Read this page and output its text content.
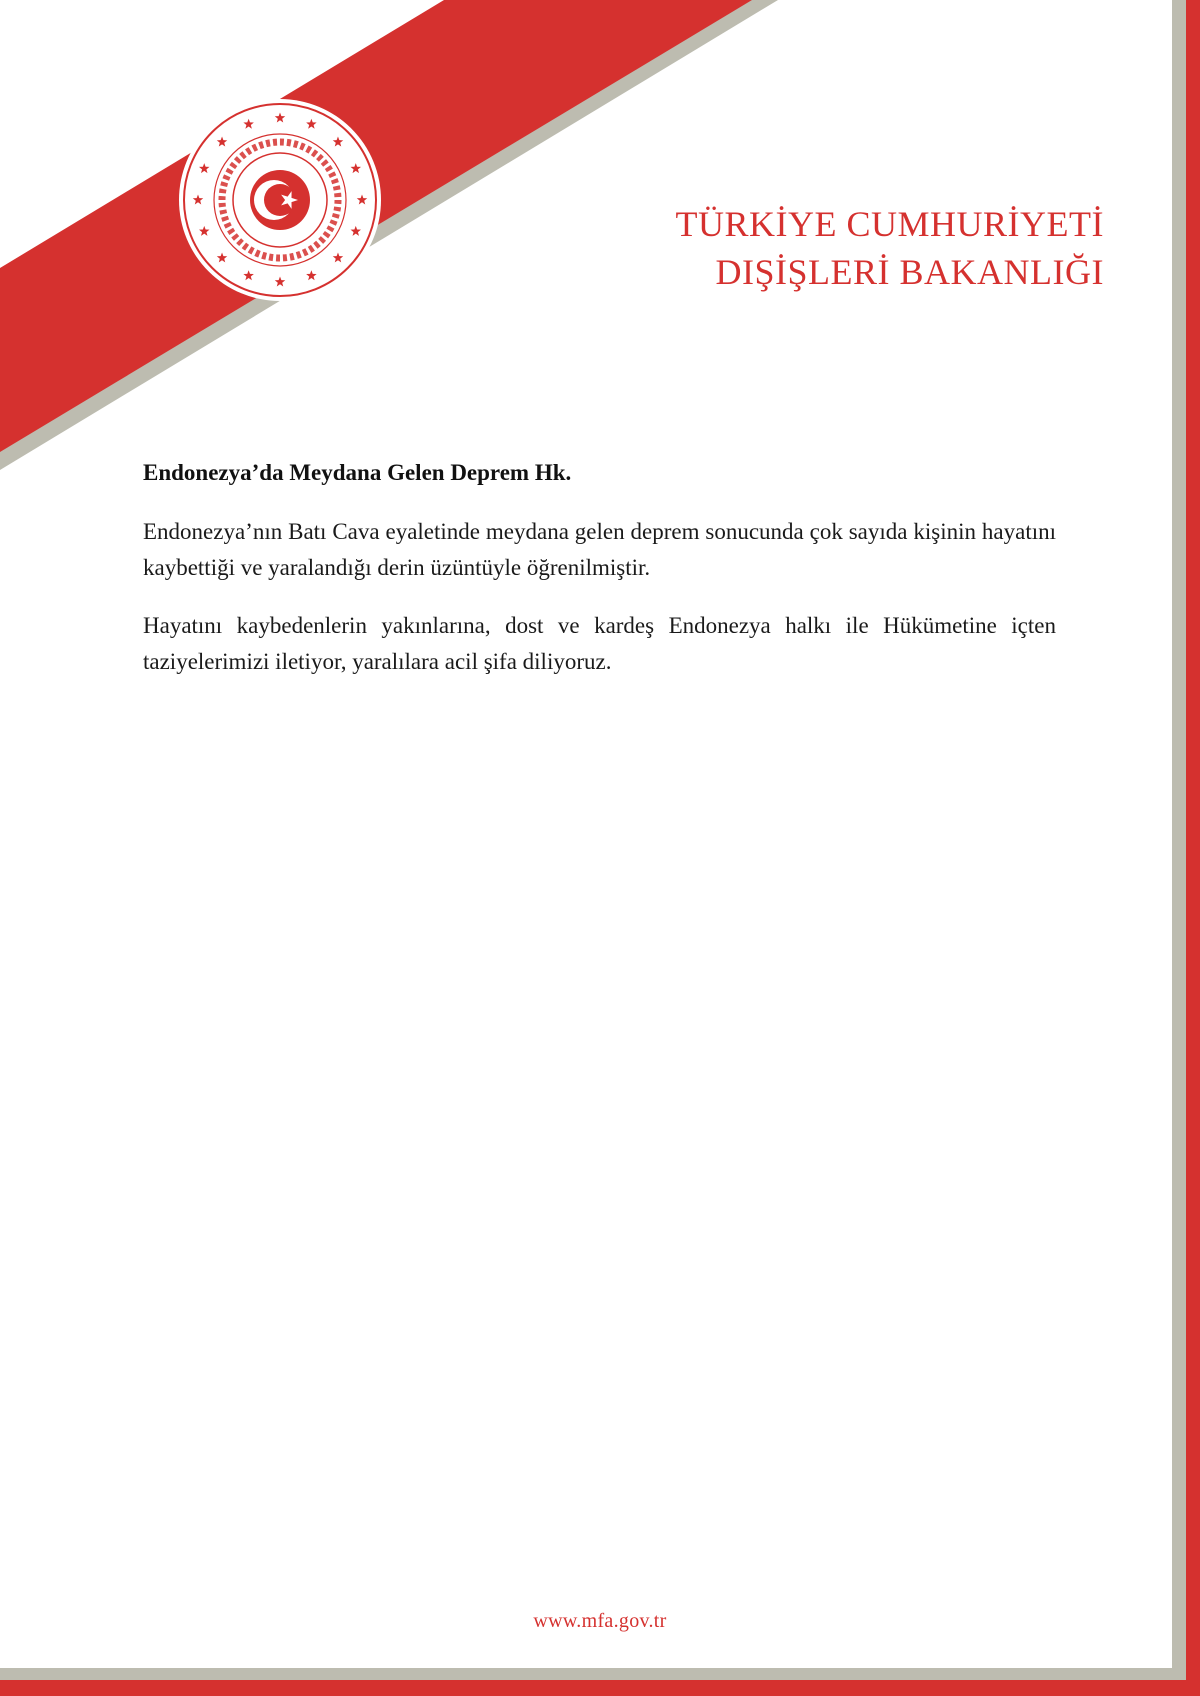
TÜRKİYE CUMHURİYETİ
DIŞİŞLERİ BAKANLIĞI

Endonezya’da Meydana Gelen Deprem Hk.

Endonezya’nın Batı Cava eyaletinde meydana gelen deprem sonucunda çok sayıda kişinin hayatını kaybettiği ve yaralandığı derin üzüntüyle öğrenilmiştir.

Hayatını kaybedenlerin yakınlarına, dost ve kardeş Endonezya halkı ile Hükümetine içten taziyelerimizi iletiyor, yaralılara acil şifa diliyoruz.

www.mfa.gov.tr
